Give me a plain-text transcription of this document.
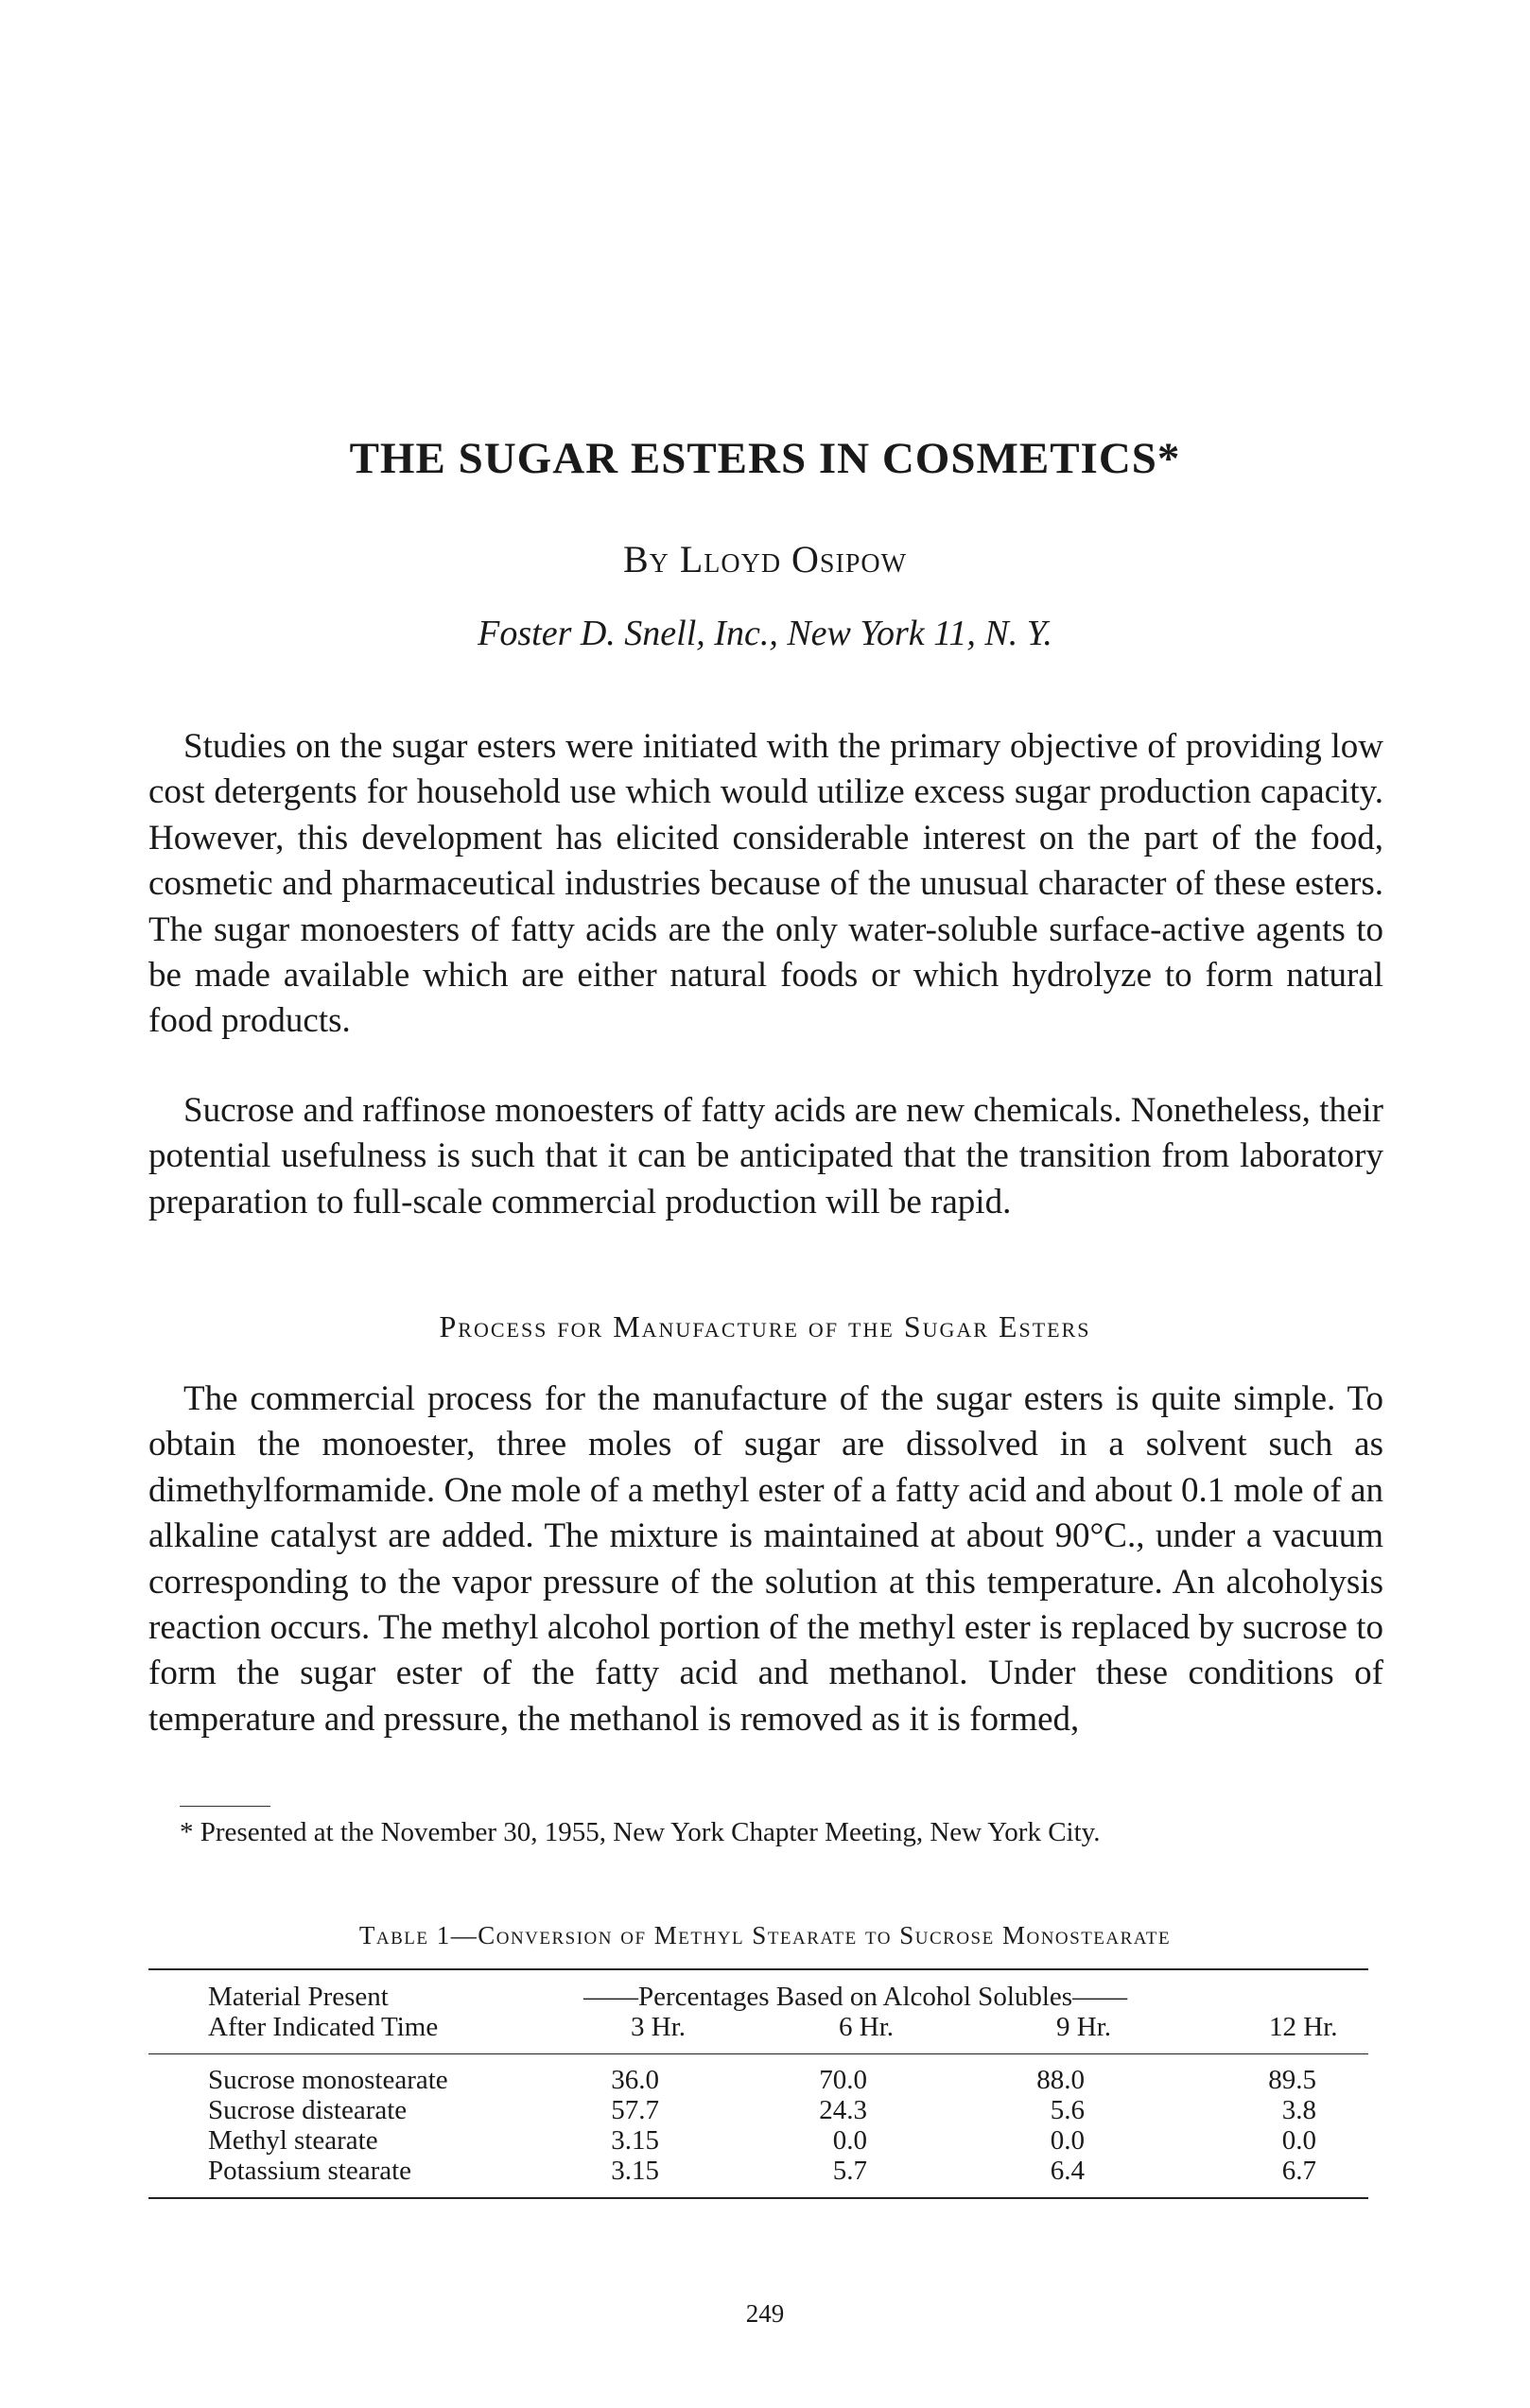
THE SUGAR ESTERS IN COSMETICS*
By Lloyd Osipow
Foster D. Snell, Inc., New York 11, N. Y.

Studies on the sugar esters were initiated with the primary objective of providing low cost detergents for household use which would utilize excess sugar production capacity. However, this development has elicited considerable interest on the part of the food, cosmetic and pharmaceutical industries because of the unusual character of these esters. The sugar monoesters of fatty acids are the only water-soluble surface-active agents to be made available which are either natural foods or which hydrolyze to form natural food products.

Sucrose and raffinose monoesters of fatty acids are new chemicals. Nonetheless, their potential usefulness is such that it can be anticipated that the transition from laboratory preparation to full-scale commercial production will be rapid.

Process for Manufacture of the Sugar Esters

The commercial process for the manufacture of the sugar esters is quite simple. To obtain the monoester, three moles of sugar are dissolved in a solvent such as dimethylformamide. One mole of a methyl ester of a fatty acid and about 0.1 mole of an alkaline catalyst are added. The mixture is maintained at about 90°C., under a vacuum corresponding to the vapor pressure of the solution at this temperature. An alcoholysis reaction occurs. The methyl alcohol portion of the methyl ester is replaced by sucrose to form the sugar ester of the fatty acid and methanol. Under these conditions of temperature and pressure, the methanol is removed as it is formed,

* Presented at the November 30, 1955, New York Chapter Meeting, New York City.
Table 1—Conversion of Methyl Stearate to Sucrose Monostearate
Material Present
After Indicated Time
——Percentages Based on Alcohol Solubles——
3 Hr.	6 Hr.	9 Hr.	12 Hr.
Sucrose monostearate	36.0	70.0	88.0	89.5
Sucrose distearate	57.7	24.3	5.6	3.8
Methyl stearate	3.15	0.0	0.0	0.0
Potassium stearate	3.15	5.7	6.4	6.7
249
